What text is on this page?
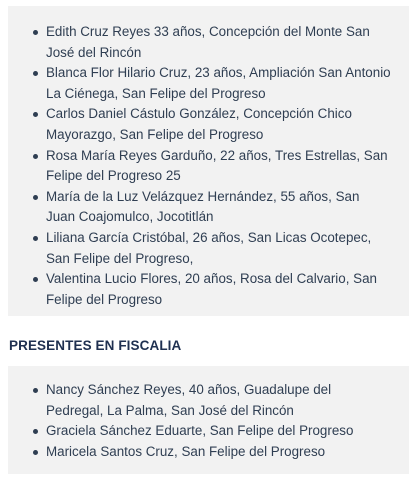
Edith Cruz Reyes 33 años, Concepción del Monte San José del Rincón
Blanca Flor Hilario Cruz, 23 años, Ampliación San Antonio La Ciénega, San Felipe del Progreso
Carlos Daniel Cástulo González, Concepción Chico Mayorazgo, San Felipe del Progreso
Rosa María Reyes Garduño, 22 años, Tres Estrellas, San Felipe del Progreso 25
María de la Luz Velázquez Hernández, 55 años, San Juan Coajomulco, Jocotitlán
Liliana García Cristóbal, 26 años, San Licas Ocotepec, San Felipe del Progreso,
Valentina Lucio Flores, 20 años, Rosa del Calvario, San Felipe del Progreso
PRESENTES EN FISCALIA
Nancy Sánchez Reyes, 40 años, Guadalupe del Pedregal, La Palma, San José del Rincón
Graciela Sánchez Eduarte, San Felipe del Progreso
Maricela Santos Cruz, San Felipe del Progreso
